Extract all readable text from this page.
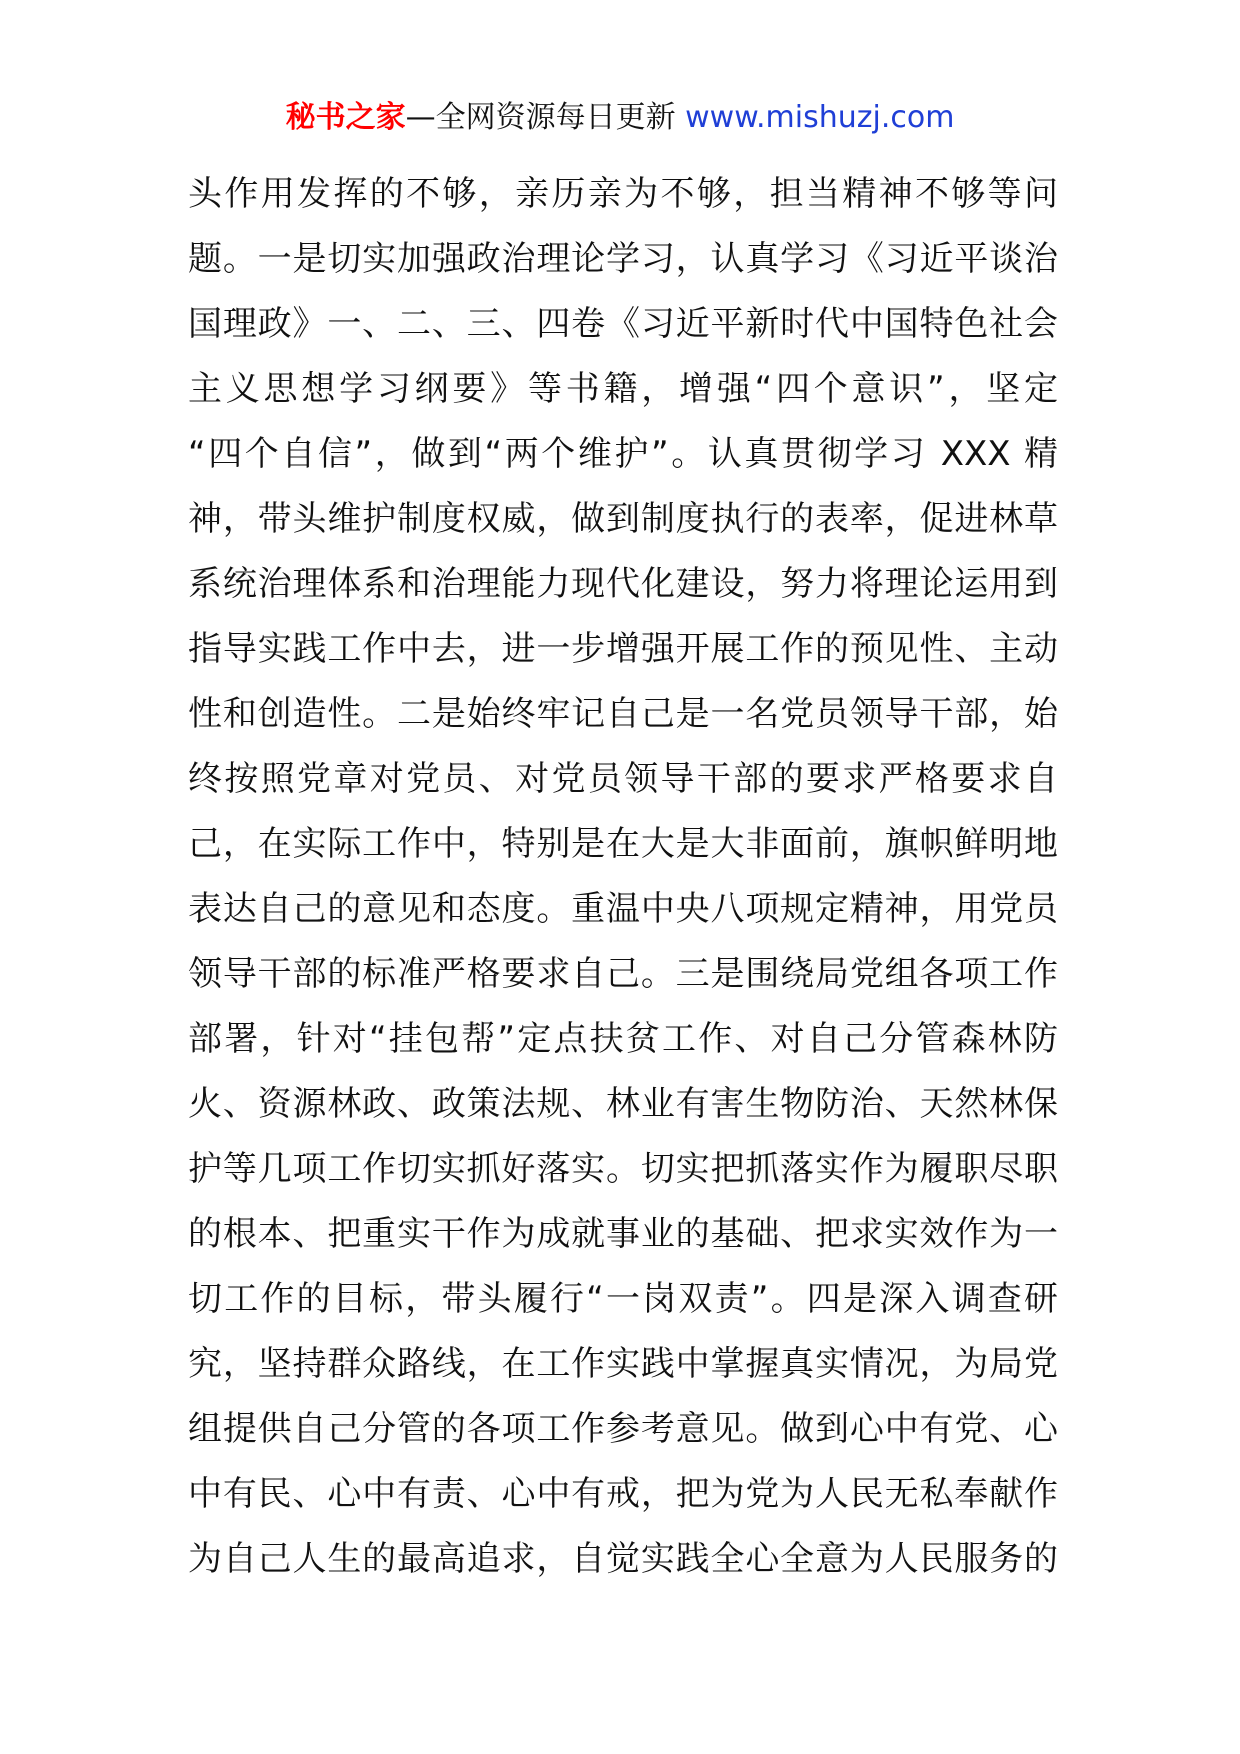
秘书之家—全网资源每日更新 www.mishuzj.com
头作用发挥的不够，亲历亲为不够，担当精神不够等问
题。一是切实加强政治理论学习，认真学习《习近平谈治
国理政》一、二、三、四卷《习近平新时代中国特色社会
主义思想学习纲要》等书籍，增强“四个意识”，坚定
“四个自信”，做到“两个维护”。认真贯彻学习 XXX 精
神，带头维护制度权威，做到制度执行的表率，促进林草
系统治理体系和治理能力现代化建设，努力将理论运用到
指导实践工作中去，进一步增强开展工作的预见性、主动
性和创造性。二是始终牢记自己是一名党员领导干部，始
终按照党章对党员、对党员领导干部的要求严格要求自
己，在实际工作中，特别是在大是大非面前，旗帜鲜明地
表达自己的意见和态度。重温中央八项规定精神，用党员
领导干部的标准严格要求自己。三是围绕局党组各项工作
部署，针对“挂包帮”定点扶贫工作、对自己分管森林防
火、资源林政、政策法规、林业有害生物防治、天然林保
护等几项工作切实抓好落实。切实把抓落实作为履职尽职
的根本、把重实干作为成就事业的基础、把求实效作为一
切工作的目标，带头履行“一岗双责”。四是深入调查研
究，坚持群众路线，在工作实践中掌握真实情况，为局党
组提供自己分管的各项工作参考意见。做到心中有党、心
中有民、心中有责、心中有戒，把为党为人民无私奉献作
为自己人生的最高追求，自觉实践全心全意为人民服务的
